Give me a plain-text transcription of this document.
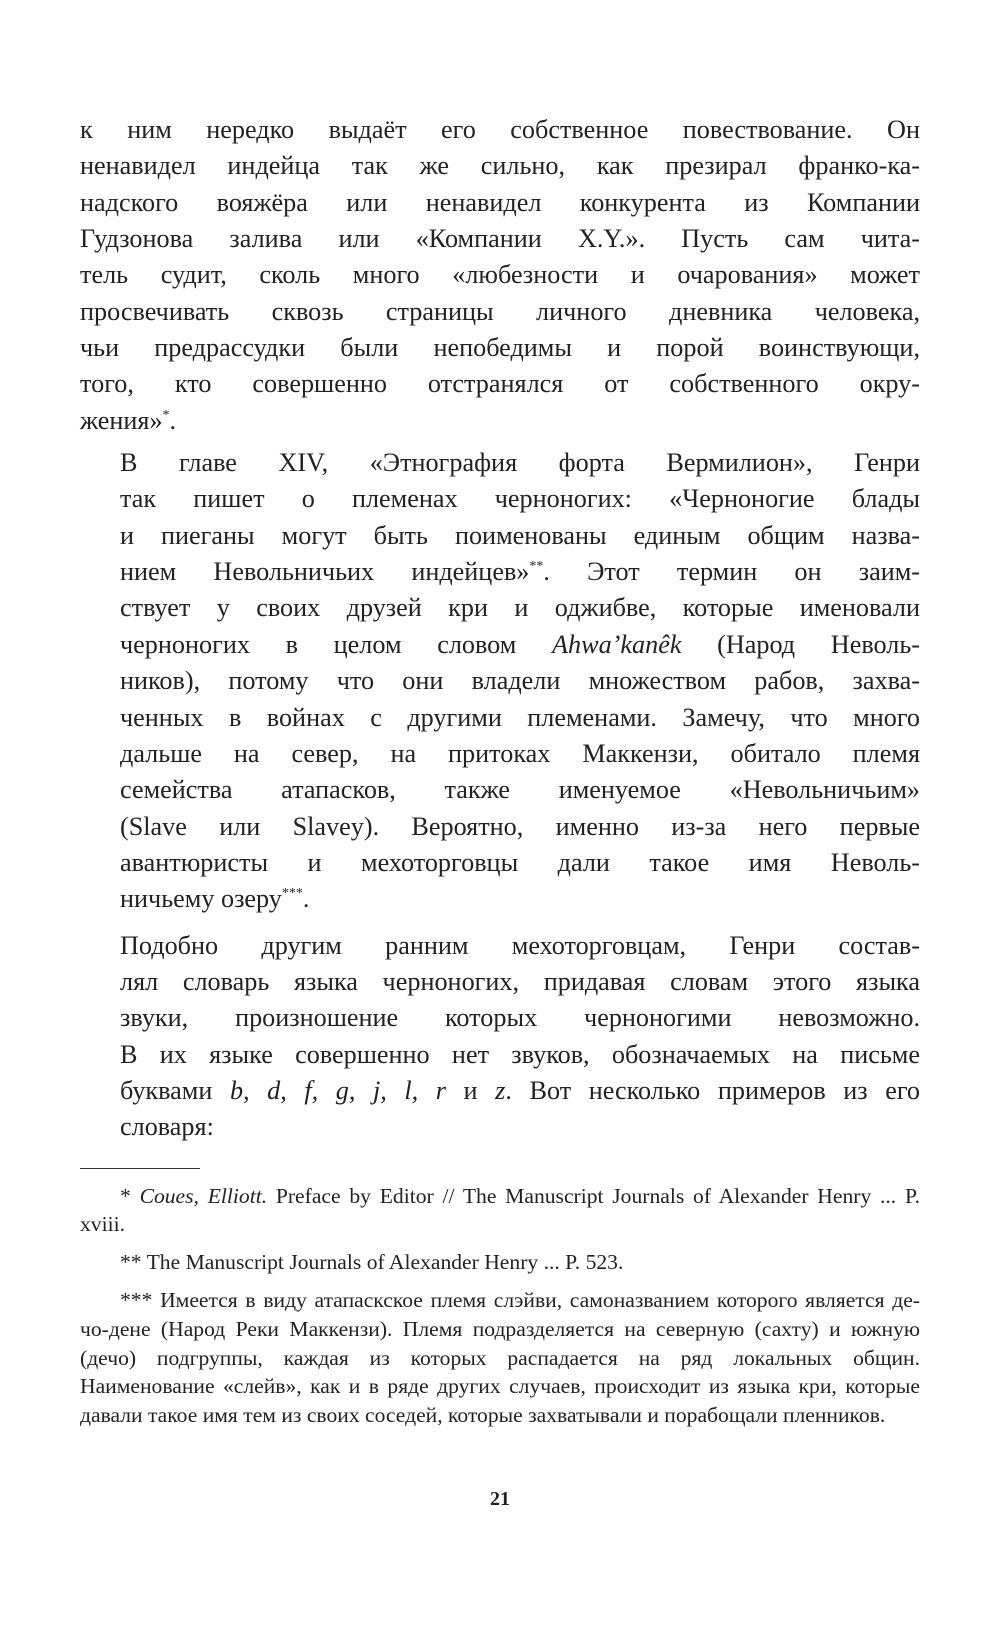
к ним нередко выдаёт его собственное повествование. Он
ненавидел индейца так же сильно, как презирал франко-ка-
надского вояжёра или ненавидел конкурента из Компании
Гудзонова залива или «Компании X.Y.». Пусть сам чита-
тель судит, сколь много «любезности и очарования» может
просвечивать сквозь страницы личного дневника человека,
чьи предрассудки были непобедимы и порой воинствующи,
того, кто совершенно отстранялся от собственного окру-
жения»*.

В главе XIV, «Этнография форта Вермилион», Генри
так пишет о племенах черноногих: «Черноногие блады
и пиеганы могут быть поименованы единым общим назва-
нием Невольничьих индейцев»**. Этот термин он заим-
ствует у своих друзей кри и оджибве, которые именовали
черноногих в целом словом Ahwa’kanêk (Народ Неволь-
ников), потому что они владели множеством рабов, захва-
ченных в войнах с другими племенами. Замечу, что много
дальше на север, на притоках Маккензи, обитало племя
семейства атапасков, также именуемое «Невольничьим»
(Slave или Slavey). Вероятно, именно из-за него первые
авантюристы и мехоторговцы дали такое имя Неволь-
ничьему озеру***.

Подобно другим ранним мехоторговцам, Генри состав-
лял словарь языка черноногих, придавая словам этого языка
звуки, произношение которых черноногими невозможно.
В их языке совершенно нет звуков, обозначаемых на письме
буквами b, d, f, g, j, l, r и z. Вот несколько примеров из его
словаря:

* Coues, Elliott. Preface by Editor // The Manuscript Journals of Alexander Henry ... P. xviii.

** The Manuscript Journals of Alexander Henry ... P. 523.

*** Имеется в виду атапаскское племя слэйви, самоназванием которого является де-чо-дене (Народ Реки Маккензи). Племя подразделяется на северную (сахту) и южную (дечо) подгруппы, каждая из которых распадается на ряд локальных общин. Наименование «слейв», как и в ряде других случаев, происходит из языка кри, которые давали такое имя тем из своих соседей, которые захватывали и порабощали пленников.

21
